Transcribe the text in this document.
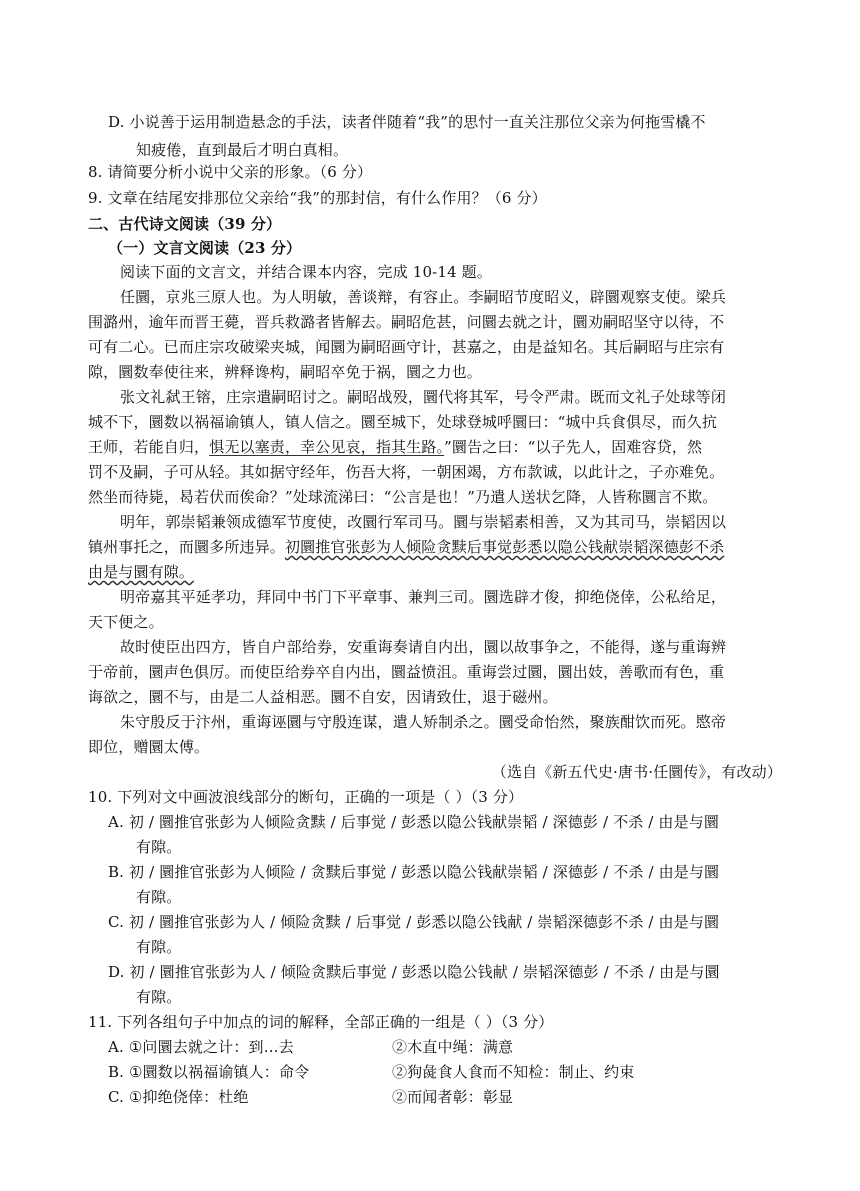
D. 小说善于运用制造悬念的手法，读者伴随着“我”的思忖一直关注那位父亲为何拖雪橇不
知疲倦，直到最后才明白真相。
8. 请简要分析小说中父亲的形象。（6 分）
9. 文章在结尾安排那位父亲给“我”的那封信，有什么作用？（6 分）
二、古代诗文阅读（39 分）
（一）文言文阅读（23 分）
阅读下面的文言文，并结合课本内容，完成 10-14 题。
任圜，京兆三原人也。为人明敏，善谈辩，有容止。李嗣昭节度昭义，辟圜观察支使。梁兵
围潞州，逾年而晋王薨，晋兵救潞者皆解去。嗣昭危甚，问圜去就之计，圜劝嗣昭坚守以待，不
可有二心。已而庄宗攻破梁夹城，闻圜为嗣昭画守计，甚嘉之，由是益知名。其后嗣昭与庄宗有
隙，圜数奉使往来，辨释谗构，嗣昭卒免于祸，圜之力也。
张文礼弑王镕，庄宗遣嗣昭讨之。嗣昭战殁，圜代将其军，号令严肃。既而文礼子处球等闭
城不下，圜数以祸福谕镇人，镇人信之。圜至城下，处球登城呼圜曰：“城中兵食俱尽，而久抗
王师，若能自归，惧无以塞责，幸公见哀，指其生路。”圜告之曰：“以子先人，固难容贷，然
罚不及嗣，子可从轻。其如据守经年，伤吾大将，一朝困竭，方布款诚，以此计之，子亦难免。
然坐而待毙，曷若伏而俟命？”处球流涕曰：“公言是也！”乃遣人送状乞降，人皆称圜言不欺。
明年，郭崇韬兼领成德军节度使，改圜行军司马。圜与崇韬素相善，又为其司马，崇韬因以
镇州事托之，而圜多所违异。初圜推官张彭为人倾险贪黩后事觉彭悉以隐公钱献崇韬深德彭不杀
由是与圜有隙。
明帝嘉其平延孝功，拜同中书门下平章事、兼判三司。圜选辟才俊，抑绝侥倖，公私给足，
天下便之。
故时使臣出四方，皆自户部给券，安重诲奏请自内出，圜以故事争之，不能得，遂与重诲辨
于帝前，圜声色俱厉。而使臣给券卒自内出，圜益愤沮。重诲尝过圜，圜出妓，善歌而有色，重
诲欲之，圜不与，由是二人益相恶。圜不自安，因请致仕，退于磁州。
朱守殷反于汴州，重诲诬圜与守殷连谋，遣人矫制杀之。圜受命怡然，聚族酣饮而死。愍帝
即位，赠圜太傅。
（选自《新五代史·唐书·任圜传》，有改动）
10. 下列对文中画波浪线部分的断句，正确的一项是（ ）（3 分）
A. 初 / 圜推官张彭为人倾险贪黩 / 后事觉 / 彭悉以隐公钱献崇韬 / 深德彭 / 不杀 / 由是与圜
有隙。
B. 初 / 圜推官张彭为人倾险 / 贪黩后事觉 / 彭悉以隐公钱献崇韬 / 深德彭 / 不杀 / 由是与圜
有隙。
C. 初 / 圜推官张彭为人 / 倾险贪黩 / 后事觉 / 彭悉以隐公钱献 / 崇韬深德彭不杀 / 由是与圜
有隙。
D. 初 / 圜推官张彭为人 / 倾险贪黩后事觉 / 彭悉以隐公钱献 / 崇韬深德彭 / 不杀 / 由是与圜
有隙。
11. 下列各组句子中加点的词的解释，全部正确的一组是（ ）（3 分）
A. ①问圜去就之计：到…去	②木直中绳：满意
B. ①圜数以祸福谕镇人：命令	②狗彘食人食而不知检：制止、约束
C. ①抑绝侥倖：杜绝	②而闻者彰：彰显
